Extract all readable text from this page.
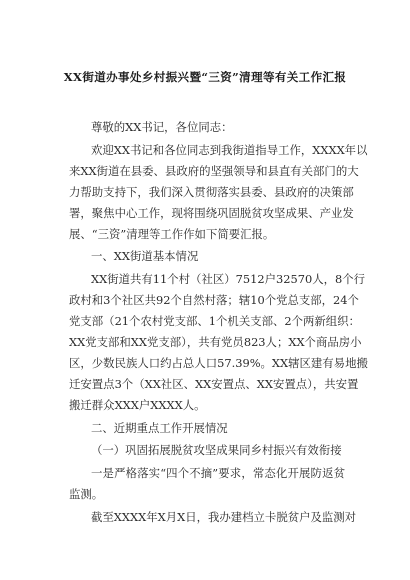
XX街道办事处乡村振兴暨“三资”清理等有关工作汇报
尊敬的XX书记，各位同志：
欢迎XX书记和各位同志到我街道指导工作，XXXX年以
来XX街道在县委、县政府的坚强领导和县直有关部门的大
力帮助支持下，我们深入贯彻落实县委、县政府的决策部
署，聚焦中心工作，现将围绕巩固脱贫攻坚成果、产业发
展、“三资”清理等工作作如下简要汇报。
一、XX街道基本情况
XX街道共有11个村（社区）7512户32570人，8个行
政村和3个社区共92个自然村落；辖10个党总支部，24个
党支部（21个农村党支部、1个机关支部、2个两新组织：
XX党支部和XX党支部），共有党员823人；XX个商品房小
区，少数民族人口约占总人口57.39%。XX辖区建有易地搬
迁安置点3个（XX社区、XX安置点、XX安置点），共安置
搬迁群众XXX户XXXX人。
二、近期重点工作开展情况
（一）巩固拓展脱贫攻坚成果同乡村振兴有效衔接
一是严格落实“四个不摘”要求，常态化开展防返贫
监测。
截至XXXX年X月X日，我办建档立卡脱贫户及监测对
